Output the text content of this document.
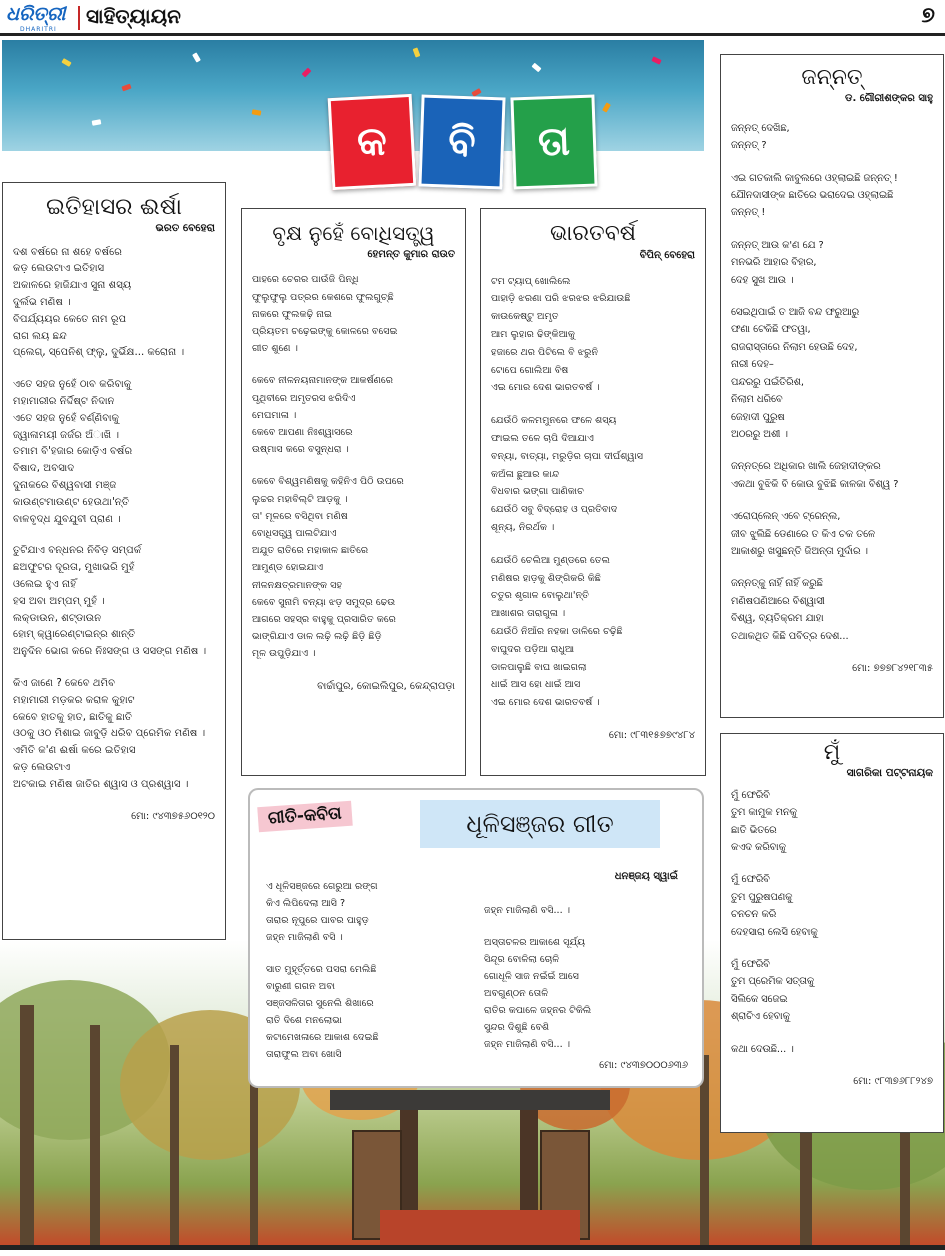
ଧରିତ୍ରୀ
DHARITRI
ସାହିତ୍ୟାୟନ	୭
କ	ବି	ତା
ଇତିହାସର ଈର୍ଷା
ଭରତ ବେହେରା
ଦଶ ବର୍ଷରେ ନା ଶହେ ବର୍ଷରେ
କଡ଼ ଲେଉଟାଏ ଇତିହାସ
ଅକାଳରେ ହାଜିଯାଏ ସୁନା ଶସ୍ୟ
ଦୁର୍ଲଭ ମଣିଷ ।
ବିପର୍ଯ୍ୟୟର କେତେ ନାମ ରୂପ
ରାଗ ଲୟ ଛନ୍ଦ
ପ୍ଲେଗ୍, ସ୍ପେନିଶ୍ ଫ୍ଲୁ, ଦୁର୍ଭିକ୍ଷ... କରୋନା ।
ଏତେ ସହଜ ନୁହେଁ ଠାବ କରିବାକୁ
ମହାମାରୀର ନିର୍ଦ୍ଦିଷ୍ଟ ନିଦାନ
ଏତେ ସହଜ ନୁହେଁ ବର୍ଣ୍ଣିବାକୁ
ଜ୍ୱାଳାମୟୀ ଜର୍ଜର ଅଁାଖି ।
ତମାମ ବି'ହଜାର କୋଡ଼ିଏ ବର୍ଷର
ବିଷାଦ, ଅବସାଦ
ଦୁନାକରେ ବିଶ୍ୱବାସୀ ମଞ୍ଜ
କାଉଣ୍ଟମାଉଣ୍ଟ ହେଉଥା'ନ୍ତି
ବାଳବୃଦ୍ଧ ଯୁବଯୁବୀ ପ୍ରାଣ ।
ତୁଟିଯାଏ ବନ୍ଧନର ନିବିଡ଼ ସମ୍ପର୍କ
ଛଅଫୁଟର ଦୂରତା, ମୁଖାଭରି ମୁହଁ
ଓଲେଇ ହୁଏ ନାହିଁ
ହସ ଅବା ଅମ୍ପମ୍ ମୁହଁ ।
ଲକ୍‌ଡାଉନ, ଶଟ୍‌ଡାଉନ
ହୋମ୍ କ୍ୱାରେଣ୍ଟାଇନ୍‌ର ଶାନ୍ତି
ଅନୁଦିନ ଭୋଗ କରେ ନିଃସଙ୍ଗ ଓ ସସଙ୍ଗ ମଣିଷ ।
କିଏ ଜାଣେ ? କେବେ ଥମିବ
ମହାମାରୀ ମଡ଼କର କରାଳ କୁହାଟ
କେବେ ହାତକୁ ହାତ, ଛାତିକୁ ଛାତି
ଓଠକୁ ଓଠ ମିଶାଇ ଜାବୁଡ଼ି ଧରିବ ପ୍ରେମିକ ମଣିଷ ।
ଏମିତି କ'ଣ ଈର୍ଷା କରେ ଇତିହାସ
କଡ଼ ଲେଉଟାଏ
ଅଟକାଇ ମଣିଷ ଜାତିର ଶ୍ୱାସ ଓ ପ୍ରଶ୍ୱାସ ।
ମୋ: ୯୪୩୭୫୬୦୧୨୦
ବୃକ୍ଷ ନୁହେଁ ବୋଧିସତ୍ତ୍ୱ
ହେମନ୍ତ କୁମାର ରାଉତ
ପାହରେ ଚେରର ପାଉଁଜି ପିନ୍ଧି
ଫୁଲୁଫୁଲୁ ପତ୍ରର କେଶରେ ଫୁଲଗୁଚ୍ଛି
ନାକରେ ଫୁଲକଢ଼ି ନାଇ
ପ୍ରିୟତମ ଚଢ଼େଇଙ୍କୁ କୋଳରେ ବସେଇ
ଗୀତ ଶୁଣେ ।
କେବେ ନୀଳନୟନାମାନଙ୍କ ଆକର୍ଷଣରେ
ପୃଥିବୀରେ ଅମୃତରସ ଝରିଦିଏ
ମେଘମାଳା ।
କେବେ ଆପଣା ନିଃଶ୍ୱାସରେ
ଉଷ୍ମାସ କରେ ବସୁନ୍ଧରା ।
କେବେ ବିଶ୍ୱମଣିଷକୁ କହିନିଏ ପିଠି ଉପରେ
ଲୁଚ୍ଚର ମହାବିଲ୍ଟି ଆଡ଼କୁ ।
ତା' ମୂଳରେ ବସିଥିବା ମଣିଷ
ବୋଧିସତ୍ତ୍ୱ ପାଲଟିଯାଏ
ଅଯୁତ ରାତିରେ ମହାକାଳ ଛାତିରେ
ଆମୁଣ୍ଡ ହୋଇଯାଏ
ନୀଳନକ୍ଷତ୍ରମାନଙ୍କ ସହ
କେବେ ସୁନାମି ବନ୍ୟା ଝଡ଼ ସମୁଦ୍ର ଢେଉ
ଆଗରେ ସହସ୍ର ବାହୁକୁ ପ୍ରସାରିତ କରେ
ଭାଙ୍ଗିଯାଏ ଡାଳ ଲଢ଼ି ଲଢ଼ି ଛିଡ଼ି ଛିଡ଼ି
ମୂଳ ଉପୁଡ଼ିଯାଏ ।
ବାର୍ଚ୍ଚାପୁର, କୋଇଲିପୁର, କେନ୍ଦ୍ରାପଡ଼ା
ଭାରତବର୍ଷ
ବିପିନ୍ ବେହେରା
ଟମ ଟ୍ୟାପ୍ ଖୋଲିଲେ
ପାହାଡ଼ି ଝରଣା ପରି ଝରଝର ଝରିଯାଉଛି
କାଉକେଷ୍ଟୁ ଅମୃତ
ଆମ ଲୁହାର ଢିଙ୍କିଆକୁ
ହଜାରେ ଥର ପିଟିଲେ ବି ଝରୁନି
ଟୋପେ ଗୋଲିଆ ବିଷ
ଏଇ ମୋର ଦେଶ ଭାରତବର୍ଷ ।
ଯେଉଁଠି କଳମମୁନରେ ଫଳେ ଶସ୍ୟ
ଫାଇଲ ତଳେ ଚାପି ଦିଆଯାଏ
ବନ୍ୟା, ବାତ୍ୟା, ମରୁଡ଼ିର ଚାପା ଦୀର୍ଘଶ୍ୱାସ
କଅଁଳା ଛୁଆର କାନ୍ଦ
ବିଧବାର ଭଙ୍ଗା ପାଣିକାଚ
ଯେଉଁଠି ସବୁ ବିଦ୍ରୋହ ଓ ପ୍ରତିବାଦ
ଶୂନ୍ୟ, ନିରର୍ଥକ ।
ଯେଉଁଠି ଚେଲିଆ ମୁଣ୍ଡରେ ତେଲ
ମଣିଷର ହାଡ଼କୁ ଶିଙ୍ଗିକରି କିଛି
ଚତୁର ଶୃଗାଳ ବୋଲୁଥା'ନ୍ତି
ଆଖାଶର ତାରାଗୁଳା ।
ଯେଉଁଠି ନିଆଁର ନହକା ଡାଳିରେ ଚଢ଼ିଛି
ବାଘୁଦର ପଡ଼ିଆ ରାଧୁଆ
ଡାଳପାଲୁଛି ବାଘ ଖାଇଗଲା
ଧାଇଁ ଆସ ହୋ ଧାଇଁ ଆସ
ଏଇ ମୋର ଦେଶ ଭାରତବର୍ଷ ।
ମୋ: ୯୮୩୧୫୭୭୯୪୮୪
ଜନ୍ନତ୍
ଡ. ଗୌରୀଶଙ୍କର ସାହୁ
ଜନ୍ନତ୍ ଦେଖିଛ,
ଜନ୍ନତ୍ ?
ଏଇ ଗତକାଲି କାବୁଲରେ ଓହ୍ଲାଇଛି ଜନ୍ନତ୍ !
ଯୌନଦାସୀଙ୍କ ଛାତିରେ ଭରାଦେଇ ଓହ୍ଲାଇଛି
ଜନ୍ନତ୍ !
ଜନ୍ନତ୍ ଆଉ କ'ଣ ଯେ ?
ମନଭରି ଆହାର ବିହାର,
ଦେହ ସୁଖ ଆଉ ।
ସେଇଥିପାଇଁ ତ ଆଜି ବନ୍ଦ ଫରୁଆରୁ
ଫଣା ଟେକିଛି ଫତୱା,
ରାଜରାସ୍ତାରେ ନିଲାମ ହେଉଛି ଦେହ,
ନାରୀ ଦେହ–
ପନ୍ଦରରୁ ପଇଁତିରିଶ,
ନିଲାମ ଧରିବେ
ଜେହାଦୀ ପୁରୁଷ
ଅଠରରୁ ଅଶୀ ।
ଜନ୍ନତ୍‌ରେ ଅଧିକାର ଖାଲି ଜେହାଦୀଙ୍କର
ଏକଥା ବୁଝିକି ବି କୋଉ ବୁଝିଛି କାଳକା ବିଶ୍ୱ ?
ଏରୋପ୍ଲେନ୍ ଏବେ ଟ୍ରେନ୍‌ଲ,
ଜୀବ ଝୁଲିଛି ଡେଣାରେ ତ କିଏ ଚକ ତଳେ
ଆକାଶରୁ ଖସୁଛନ୍ତି ଜିଅନ୍ତା ମୁର୍ଦାର ।
ଜନ୍ନତ୍‌କୁ ନାହିଁ ନାହିଁ କରୁଛି
ମଣିଷପଣିଆରେ ବିଶ୍ୱାସୀ
ବିଶ୍ୱ, ବ୍ୟତିକ୍ରମ ଯାହା
ତଥାକଥିତ କିଛି ପବିତ୍ର ଦେଶ...
ମୋ: ୭୭୭୮୪୨୧୮୩୫
ମୁଁ
ସାଗରିକା ପଟ୍ଟନାୟକ
ମୁଁ ଫେରିବି
ତୁମ କାମୁକ ମନକୁ
ଛାତି ଭିତରେ
କଏଦ କରିବାକୁ
ମୁଁ ଫେରିବି
ତୁମ ପୁରୁଷପଣକୁ
ଚନଚନ କରି
ଦେହସାରା ଲେସି ହେବାକୁ
ମୁଁ ଫେରିବି
ତୁମ ପ୍ରେମିକ ସତ୍ତାକୁ
ସିଲିକେ ସଜେଇ
ଶ୍ରାଚିଏ ହେବାକୁ
କଥା ଦେଉଛି... ।
ମୋ: ୯୮୩୭୬୮୮୨୪୭
ଗୀତି-କବିତା	ଧୂଳିସଞ୍ଜର ଗୀତ
ଧନଞ୍ଜୟ ସ୍ୱାଇଁ
ଏ ଧୂଳିସଞ୍ଜରେ ଗେରୁଆ ରଙ୍ଗ
କିଏ ଲିପିଦେଲା ଆସି ?
ତାରାର ନୂପୁରେ ପାବର ପାହୁଡ଼
ଜହ୍ନ ମାଜିଲାଣି ବସି ।
ସାତ ମୁହୂର୍ତ୍ତରେ ପସରା ମେଲିଛି
ବାରୁଣୀ ଗଗନ ଅବା
ସଞ୍ଜସଳିତାର ସୁନେଲି ଶିଖାରେ
ରାତି ଦିଶେ ମନଲୋଭା
କଟାମେଖଳାରେ ଆକାଶ ଦେଇଛି
ତାରାଫୁଲ ଅବା ଖୋସି
ଜହ୍ନ ମାଜିଲାଣି ବସି... ।
ଅସ୍ତାଚଳର ଆକାଶେ ସୂର୍ଯ୍ୟ
ସିନ୍ଦୂର ବୋଳିଲା ଚୋଳି
ଗୋଧୂଳି ସାଜ ନଇଁଇଁ ଆସେ
ଅବଗୁଣ୍ଠନ ତୋଳି
ରାତିର କପାଳେ ଜହ୍ନର ଟିକିଲି
ସୁନ୍ଦର ଦିଶୁଛି ବେଶି
ଜହ୍ନ ମାଜିଲାଣି ବସି... ।
ମୋ: ୯୪୩୭୦୦୦୬୩୬
